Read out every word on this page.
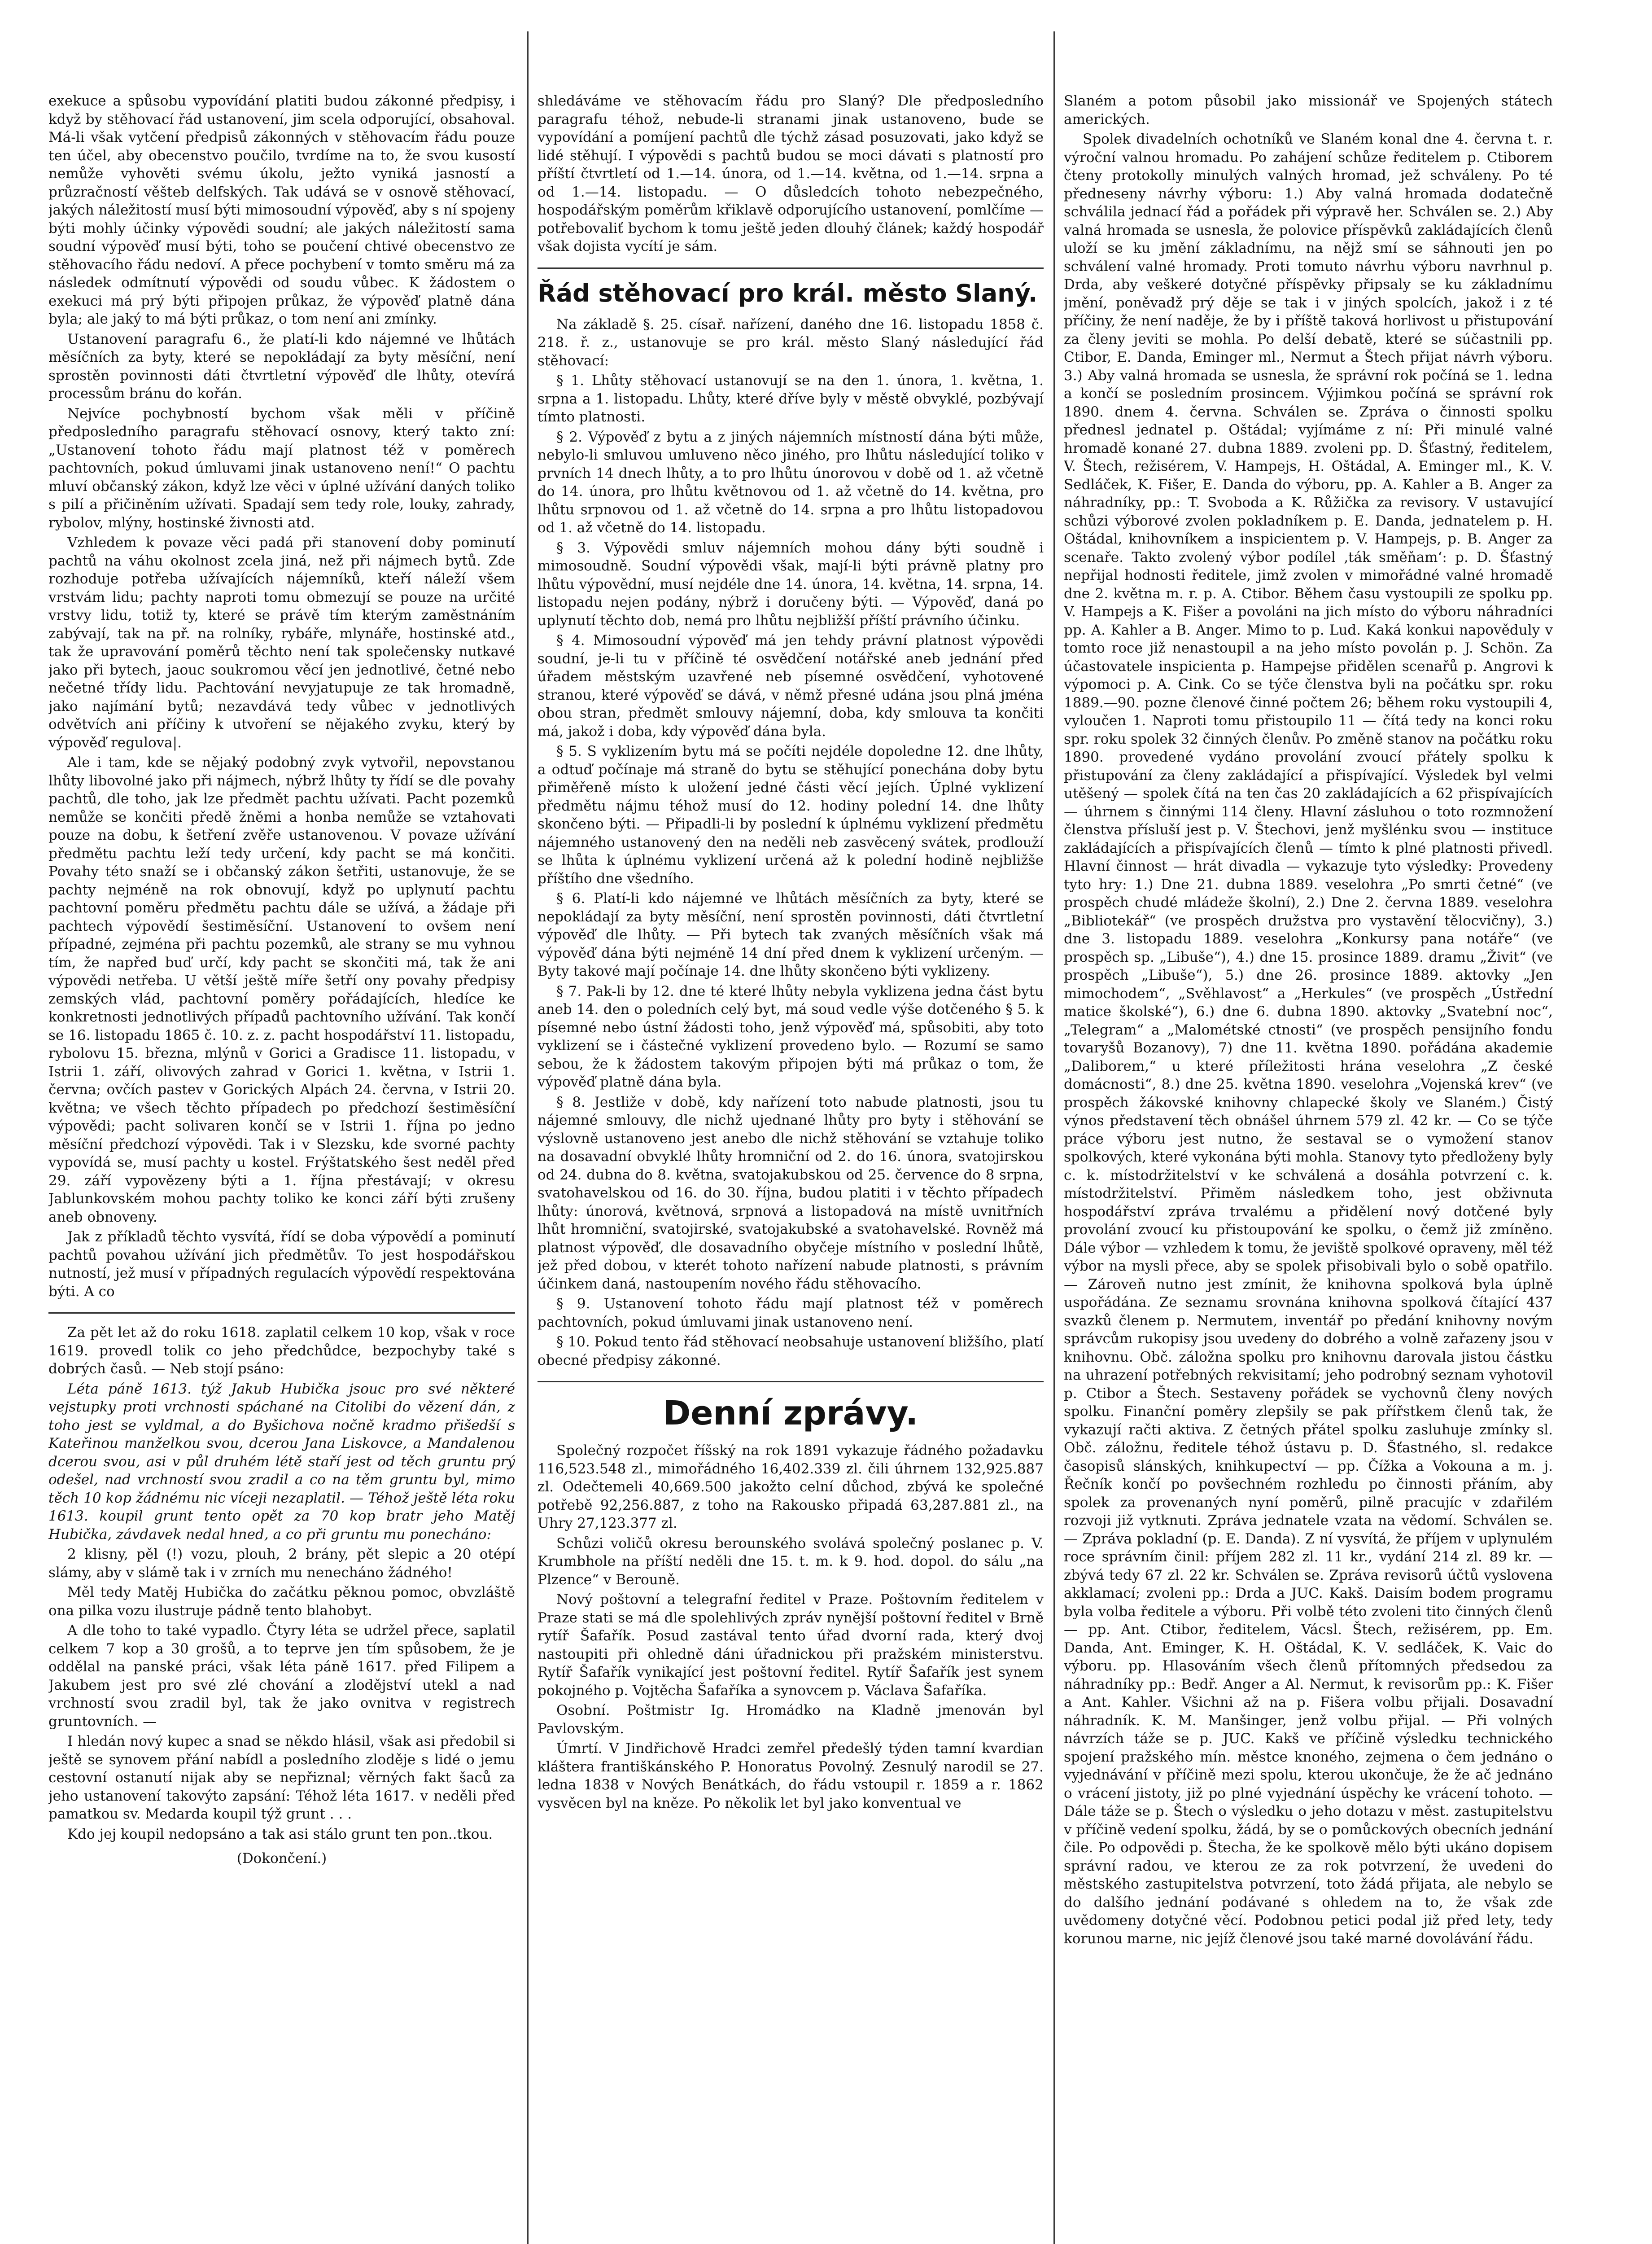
exekuce a spůsobu vypovídání platiti budou zákonné předpisy, i když by stěhovací řád ustanovení, jim scela odporující, obsahoval. Má-li však vytčení předpisů zákonných v stěhovacím řádu pouze ten účel, aby obecenstvo poučilo, tvrdíme na to, že svou kusostí nemůže vyhověti svému úkolu, ježto vyniká jasností a průzračností věšteb delfských. Tak udává se v osnově stěhovací, jakých náležitostí musí býti mimosoudní výpověď, aby s ní spojeny býti mohly účinky výpovědi soudní; ale jakých náležitostí sama soudní výpověď musí býti, toho se poučení chtivé obecenstvo ze stěhovacího řádu nedoví. A přece pochybení v tomto směru má za následek odmítnutí výpovědi od soudu vůbec. K žádostem o exekuci má prý býti připojen průkaz, že výpověď platně dána byla; ale jaký to má býti průkaz, o tom není ani zmínky.

Ustanovení paragrafu 6., že platí-li kdo nájemné ve lhůtách měsíčních za byty, které se nepokládají za byty měsíční, není sprostěn povinnosti dáti čtvrtletní výpověď dle lhůty, otevírá processům bránu do kořán.

Nejvíce pochybností bychom však měli v příčině předposledního paragrafu stěhovací osnovy, který takto zní: „Ustanovení tohoto řádu mají platnost též v poměrech pachtovních, pokud úmluvami jinak ustanoveno není!“ O pachtu mluví občanský zákon, když lze věci v úplné užívání daných toliko s pilí a přičiněním užívati. Spadají sem tedy role, louky, zahrady, rybolov, mlýny, hostinské živnosti atd.

Vzhledem k povaze věci padá při stanovení doby pominutí pachtů na váhu okolnost zcela jiná, než při nájmech bytů. Zde rozhoduje potřeba užívajících nájemníků, kteří náleží všem vrstvám lidu; pachty naproti tomu obmezují se pouze na určité vrstvy lidu, totiž ty, které se právě tím kterým zaměstnáním zabývají, tak na př. na rolníky, rybáře, mlynáře, hostinské atd., tak že upravování poměrů těchto není tak společensky nutkavé jako při bytech, jaouc soukromou věcí jen jednotlivé, četné nebo nečetné třídy lidu. Pachtování nevyjatupuje ze tak hromadně, jako najímání bytů; nezavdává tedy vůbec v jednotlivých odvětvích ani příčiny k utvoření se nějakého zvyku, který by výpověď regulova|.

Ale i tam, kde se nějaký podobný zvyk vytvořil, nepovstanou lhůty libovolné jako při nájmech, nýbrž lhůty ty řídí se dle povahy pachtů, dle toho, jak lze předmět pachtu užívati. Pacht pozemků nemůže se končiti předě žněmi a honba nemůže se vztahovati pouze na dobu, k šetření zvěře ustanovenou. V povaze užívání předmětu pachtu leží tedy určení, kdy pacht se má končiti. Povahy této snaží se i občanský zákon šetřiti, ustanovuje, že se pachty nejméně na rok obnovují, když po uplynutí pachtu pachtovní poměru předmětu pachtu dále se užívá, a žádaje při pachtech výpovědí šestiměsíční. Ustanovení to ovšem není případné, zejména při pachtu pozemků, ale strany se mu vyhnou tím, že napřed buď určí, kdy pacht se skončiti má, tak že ani výpovědi netřeba. U větší ještě míře šetří ony povahy předpisy zemských vlád, pachtovní poměry pořádajících, hledíce ke konkretnosti jednotlivých případů pachtovního užívání. Tak končí se 16. listopadu 1865 č. 10. z. z. pacht hospodářství 11. listopadu, rybolovu 15. března, mlýnů v Gorici a Gradisce 11. listopadu, v Istrii 1. září, olivových zahrad v Gorici 1. května, v Istrii 1. června; ovčích pastev v Gorických Alpách 24. června, v Istrii 20. května; ve všech těchto případech po předchozí šestiměsíční výpovědi; pacht solivaren končí se v Istrii 1. října po jedno měsíční předchozí výpovědi. Tak i v Slezsku, kde svorné pachty vypovídá se, musí pachty u kostel. Frýštatského šest neděl před 29. září vypovězeny býti a 1. října přestávají; v okresu Jablunkovském mohou pachty toliko ke konci září býti zrušeny aneb obnoveny.

Jak z příkladů těchto vysvítá, řídí se doba výpovědí a pominutí pachtů povahou užívání jich předmětův. To jest hospodářskou nutností, jež musí v případných regulacích výpovědí respektována býti. A co

Za pět let až do roku 1618. zaplatil celkem 10 kop, však v roce 1619. provedl tolik co jeho předchůdce, bezpochyby také s dobrých časů. — Neb stojí psáno:

Léta páně 1613. týž Jakub Hubička jsouc pro své některé vejstupky proti vrchnosti spáchané na Citolibi do vězení dán, z toho jest se vyldmal, a do Byšichova nočně kradmo přišedší s Kateřinou manželkou svou, dcerou Jana Liskovce, a Mandalenou dcerou svou, asi v půl druhém létě staří jest od těch gruntu prý odešel, nad vrchností svou zradil a co na těm gruntu byl, mimo těch 10 kop žádnému nic víceji nezaplatil. — Téhož ještě léta roku 1613. koupil grunt tento opět za 70 kop bratr jeho Matěj Hubička, závdavek nedal hned, a co při gruntu mu ponecháno:

2 klisny, pěl (!) vozu, plouh, 2 brány, pět slepic a 20 otépí slámy, aby v slámě tak i v zrních mu nenecháno žádného!

Měl tedy Matěj Hubička do začátku pěknou pomoc, obvzláště ona pilka vozu ilustruje pádně tento blahobyt.

A dle toho to také vypadlo. Čtyry léta se udržel přece, saplatil celkem 7 kop a 30 grošů, a to teprve jen tím spůsobem, že je oddělal na panské práci, však léta páně 1617. před Filipem a Jakubem jest pro své zlé chování a zlodějství utekl a nad vrchností svou zradil byl, tak že jako ovnitva v registrech gruntovních. —

I hledán nový kupec a snad se někdo hlásil, však asi předobil si ještě se synovem přání nabídl a posledního zloděje s lidé o jemu cestovní ostanutí nijak aby se nepřiznal; věrných fakt šaců za jeho ustanovení takovýto zapsání: Téhož léta 1617. v neděli před pamatkou sv. Medarda koupil týž grunt . . .

Kdo jej koupil nedopsáno a tak asi stálo grunt ten pon..tkou.

(Dokončení.)

shledáváme ve stěhovacím řádu pro Slaný? Dle předposledního paragrafu téhož, nebude-li stranami jinak ustanoveno, bude se vypovídání a pomíjení pachtů dle týchž zásad posuzovati, jako když se lidé stěhují. I výpovědi s pachtů budou se moci dávati s platností pro příští čtvrtletí od 1.—14. února, od 1.—14. května, od 1.—14. srpna a od 1.—14. listopadu. — O důsledcích tohoto nebezpečného, hospodářským poměrům křiklavě odporujícího ustanovení, pomlčíme — potřebovaliť bychom k tomu ještě jeden dlouhý článek; každý hospodář však dojista vycítí je sám.

Řád stěhovací pro král. město Slaný.

Na základě §. 25. císař. nařízení, daného dne 16. listopadu 1858 č. 218. ř. z., ustanovuje se pro král. město Slaný následující řád stěhovací:

§ 1. Lhůty stěhovací ustanovují se na den 1. února, 1. května, 1. srpna a 1. listopadu. Lhůty, které dříve byly v městě obvyklé, pozbývají tímto platnosti.

§ 2. Výpověď z bytu a z jiných nájemních místností dána býti může, nebylo-li smluvou umluveno něco jiného, pro lhůtu následující toliko v prvních 14 dnech lhůty, a to pro lhůtu únorovou v době od 1. až včetně do 14. února, pro lhůtu květnovou od 1. až včetně do 14. května, pro lhůtu srpnovou od 1. až včetně do 14. srpna a pro lhůtu listopadovou od 1. až včetně do 14. listopadu.

§ 3. Výpovědi smluv nájemních mohou dány býti soudně i mimosoudně. Soudní výpovědi však, mají-li býti právně platny pro lhůtu výpovědní, musí nejdéle dne 14. února, 14. května, 14. srpna, 14. listopadu nejen podány, nýbrž i doručeny býti. — Výpověď, daná po uplynutí těchto dob, nemá pro lhůtu nejbližší příští právního účinku.

§ 4. Mimosoudní výpověď má jen tehdy právní platnost výpovědi soudní, je-li tu v příčině té osvědčení notářské aneb jednání před úřadem městským uzavřené neb písemné osvědčení, vyhotovené stranou, které výpověď se dává, v němž přesné udána jsou plná jména obou stran, předmět smlouvy nájemní, doba, kdy smlouva ta končiti má, jakož i doba, kdy výpověď dána byla.

§ 5. S vyklizením bytu má se počíti nejdéle dopoledne 12. dne lhůty, a odtuď počínaje má straně do bytu se stěhující ponechána doby bytu přiměřeně místo k uložení jedné části věcí jejích. Úplné vyklizení předmětu nájmu téhož musí do 12. hodiny polední 14. dne lhůty skončeno býti. — Připadli-li by poslední k úplnému vyklizení předmětu nájemného ustanovený den na neděli neb zasvěcený svátek, prodlouží se lhůta k úplnému vyklizení určená až k polední hodině nejbližše příštího dne všedního.

§ 6. Platí-li kdo nájemné ve lhůtách měsíčních za byty, které se nepokládají za byty měsíční, není sprostěn povinnosti, dáti čtvrtletní výpověď dle lhůty. — Při bytech tak zvaných měsíčních však má výpověď dána býti nejméně 14 dní před dnem k vyklizení určeným. — Byty takové mají počínaje 14. dne lhůty skončeno býti vyklizeny.

§ 7. Pak-li by 12. dne té které lhůty nebyla vyklizena jedna část bytu aneb 14. den o poledních celý byt, má soud vedle výše dotčeného § 5. k písemné nebo ústní žádosti toho, jenž výpověď má, spůsobiti, aby toto vyklizení se i částečné vyklizení provedeno bylo. — Rozumí se samo sebou, že k žádostem takovým připojen býti má průkaz o tom, že výpověď platně dána byla.

§ 8. Jestliže v době, kdy nařízení toto nabude platnosti, jsou tu nájemné smlouvy, dle nichž ujednané lhůty pro byty i stěhování se výslovně ustanoveno jest anebo dle nichž stěhování se vztahuje toliko na dosavadní obvyklé lhůty hromniční od 2. do 16. února, svatojirskou od 24. dubna do 8. května, svatojakubskou od 25. července do 8 srpna, svatohavelskou od 16. do 30. října, budou platiti i v těchto případech lhůty: únorová, květnová, srpnová a listopadová na místě uvnitřních lhůt hromniční, svatojirské, svatojakubské a svatohavelské. Rovněž má platnost výpověď, dle dosavadního obyčeje místního v poslední lhůtě, jež před dobou, v kterét tohoto nařízení nabude platnosti, s právním účinkem daná, nastoupením nového řádu stěhovacího.

§ 9. Ustanovení tohoto řádu mají platnost též v poměrech pachtovních, pokud úmluvami jinak ustanoveno není.

§ 10. Pokud tento řád stěhovací neobsahuje ustanovení bližšího, platí obecné předpisy zákonné.

Denní zprávy.

Společný rozpočet říšský na rok 1891 vykazuje řádného požadavku 116,523.548 zl., mimořádného 16,402.339 zl. čili úhrnem 132,925.887 zl. Odečtemeli 40,669.500 jakožto celní důchod, zbývá ke společné potřebě 92,256.887, z toho na Rakousko připadá 63,287.881 zl., na Uhry 27,123.377 zl.

Schůzi voličů okresu berounského svolává společný poslanec p. V. Krumbhole na příští neděli dne 15. t. m. k 9. hod. dopol. do sálu „na Plzence“ v Berouně.

Nový poštovní a telegrafní ředitel v Praze. Poštovním ředitelem v Praze stati se má dle spolehlivých zpráv nynější poštovní ředitel v Brně rytíř Šafařík. Posud zastával tento úřad dvorní rada, který dvoj nastoupiti při ohledně dáni úřadnickou při pražském ministerstvu. Rytíř Šafařík vynikající jest poštovní ředitel. Rytíř Šafařík jest synem pokojného p. Vojtěcha Šafaříka a synovcem p. Václava Šafaříka.

Osobní. Poštmistr Ig. Hromádko na Kladně jmenován byl Pavlovským.

Úmrtí. V Jindřichově Hradci zemřel předešlý týden tamní kvardian kláštera františkánského P. Honoratus Povolný. Zesnulý narodil se 27. ledna 1838 v Nových Benátkách, do řádu vstoupil r. 1859 a r. 1862 vysvěcen byl na kněze. Po několik let byl jako konventual ve

Slaném a potom působil jako missionář ve Spojených státech amerických.

Spolek divadelních ochotníků ve Slaném konal dne 4. června t. r. výroční valnou hromadu. Po zahájení schůze ředitelem p. Ctiborem čteny protokolly minulých valných hromad, jež schváleny. Po té předneseny návrhy výboru: 1.) Aby valná hromada dodatečně schválila jednací řád a pořádek při výpravě her. Schválen se. 2.) Aby valná hromada se usnesla, že polovice příspěvků zakládajících členů uloží se ku jmění základnímu, na nějž smí se sáhnouti jen po schválení valné hromady. Proti tomuto návrhu výboru navrhnul p. Drda, aby veškeré dotyčné příspěvky připsaly se ku základnímu jmění, poněvadž prý děje se tak i v jiných spolcích, jakož i z té příčiny, že není naděje, že by i příště taková horlivost u přistupování za členy jeviti se mohla. Po delší debatě, které se súčastnili pp. Ctibor, E. Danda, Eminger ml., Nermut a Štech přijat návrh výboru. 3.) Aby valná hromada se usnesla, že správní rok počíná se 1. ledna a končí se posledním prosincem. Výjimkou počíná se správní rok 1890. dnem 4. června. Schválen se. Zpráva o činnosti spolku přednesl jednatel p. Oštádal; vyjímáme z ní: Při minulé valné hromadě konané 27. dubna 1889. zvoleni pp. D. Šťastný, ředitelem, V. Štech, režisérem, V. Hampejs, H. Oštádal, A. Eminger ml., K. V. Sedláček, K. Fišer, E. Danda do výboru, pp. A. Kahler a B. Anger za náhradníky, pp.: T. Svoboda a K. Růžička za revisory. V ustavující schůzi výborové zvolen pokladníkem p. E. Danda, jednatelem p. H. Oštádal, knihovníkem a inspicientem p. V. Hampejs, p. B. Anger za scenaře. Takto zvolený výbor podíle‌l ‚ták směňam‘: p. D. Šťastný nepřijal hodnosti ředitele, jimž zvolen v mimořádné valné hromadě dne 2. května m. r. p. A. Ctibor. Během času vystoupili ze spolku pp. V. Hampejs a K. Fišer a povoláni na jich místo do výboru náhradníci pp. A. Kahler a B. Anger. Mimo to p. Lud. Kaká konkui napověduly v tomto roce již nenastoupil a na jeho místo povolán p. J. Schön. Za účastovatele inspicienta p. Hampejse přidělen scenařů p. Angrovi k výpomoci p. A. Cink. Co se týče členstva byli na počátku spr. roku 1889.—90. pozne členové činné počtem 26; během roku vystoupili 4, vyloučen 1. Naproti tomu přistoupilo 11 — čítá tedy na konci roku spr. roku spolek 32 činných členův. Po změně stanov na počátku roku 1890. provedené vydáno provolání zvoucí přátely spolku k přistupování za členy zakládající a přispívající. Výsledek byl velmi utěšený — spolek čítá na ten čas 20 zakládajících a 62 přispívajících — úhrnem s činnými 114 členy. Hlavní zásluhou o toto rozmnožení členstva přísluší jest p. V. Štechovi, jenž myšlénku svou — instituce zakládajících a přispívajících členů — tímto k plné platnosti přivedl. Hlavní činnost — hrát divadla — vykazuje tyto výsledky: Provedeny tyto hry: 1.) Dne 21. dubna 1889. veselohra „Po smrti četné“ (ve prospěch chudé mládeže školní), 2.) Dne 2. června 1889. veselohra „Bibliotekář“ (ve prospěch družstva pro vystavění tělocvičny), 3.) dne 3. listopadu 1889. veselohra „Konkursy pana notáře“ (ve prospěch sp. „Libuše“), 4.) dne 15. prosince 1889. dramu „Živit“ (ve prospěch „Libuše“), 5.) dne 26. prosince 1889. aktovky „Jen mimochodem“, „Svěhlavost“ a „Herkules“ (ve prospěch „Ústřední matice školské“), 6.) dne 6. dubna 1890. aktovky „Svatební noc“, „Telegram“ a „Malométské ctnosti“ (ve prospěch pensijního fondu tovaryšů Bozanovy), 7) dne 11. května 1890. pořádána akademie „Daliborem,“ u které příležitosti hrána veselohra „Z české domácnosti“, 8.) dne 25. května 1890. veselohra „Vojenská krev“ (ve prospěch žákovské knihovny chlapecké školy ve Slaném.) Čistý výnos představení těch obnášel úhrnem 579 zl. 42 kr. — Co se týče práce výboru jest nutno, že sestaval se o vymožení stanov spolkových, které vykonána býti mohla. Stanovy tyto předloženy byly c. k. místodržitelství v ke schválená a dosáhla potvrzení c. k. místodržitelství. Přiměm následkem toho, jest obživnuta hospodářství zpráva trvalému a přidělení nový dotčené byly provolání zvoucí ku přistoupování ke spolku, o čemž již zmíněno. Dále výbor — vzhledem k tomu, že jeviště spolkové opraveny, měl též výbor na mysli přece, aby se spolek přisobivali bylo o sobě opatřilo. — Zároveň nutno jest zmínit, že knihovna spolková byla úplně uspořádána. Ze seznamu srovnána knihovna spolková čítající 437 svazků členem p. Nermutem, inventář po předání knihovny novým správcům rukopisy jsou uvedeny do dobrého a volně zařazeny jsou v knihovnu. Obč. záložna spolku pro knihovnu darovala jistou částku na uhrazení potřebných rekvisitamí; jeho podrobný seznam vyhotovil p. Ctibor a Štech. Sestaveny pořádek se vychovnů členy nových spolku. Finanční poměry zlepšily se pak přířstkem členů tak, že vykazují račti aktiva. Z četných přátel spolku zasluhuje zmínky sl. Obč. záložnu, ředitele téhož ústavu p. D. Šťastného, sl. redakce časopisů slánských, knihkupectví — pp. Čížka a Vokouna a m. j. Řečník končí po povšechném rozhledu po činnosti přáním, aby spolek za provenaných nyní poměrů, pilně pracujíc v zdařilém rozvoji již vytknuti. Zpráva jednatele vzata na vědomí. Schválen se. — Zpráva pokladní (p. E. Danda). Z ní vysvítá, že příjem v uplynulém roce správním činil: příjem 282 zl. 11 kr., vydání 214 zl. 89 kr. — zbývá tedy 67 zl. 22 kr. Schválen se. Zpráva revisorů účtů vyslovena akklamací; zvoleni pp.: Drda a JUC. Kakš. Daisím bodem programu byla volba ředitele a výboru. Při volbě této zvoleni tito činných členů — pp. Ant. Ctibor, ředitelem, Vácsl. Štech, režisérem, pp. Em. Danda, Ant. Eminger, K. H. Oštádal, K. V. sedláček, K. Vaic do výboru. pp. Hlasováním všech členů přítomných předsedou za náhradníky pp.: Bedř. Anger a Al. Nermut, k revisorům pp.: K. Fišer a Ant. Kahler. Všichni až na p. Fišera volbu přijali. Dosavadní náhradník. K. M. Manšinger, jenž volbu přijal. — Při volných návrzích táže se p. JUC. Kakš ve příčině výsledku technického spojení pražského mín. městce knoného, zejmena o čem jednáno o vyjednávání v příčině mezi spolu, kterou ukončuje, že že ač jednáno o vrácení jistoty, již po plné vyjednání úspěchy ke vrácení tohoto. — Dále táže se p. Štech o výsledku o jeho dotazu v měst. zastupitelstvu v příčině vedení spolku, žádá, by se o pomůckových obecních jednání čile. Po odpovědi p. Štecha, že ke spolkově mělo býti ukáno dopisem správní radou, ve kterou ze za rok potvrzení, že uvedeni do městského zastupitelstva potvrzení, toto žádá přijata, ale nebylo se do dalšího jednání podávané s ohledem na to, že však zde uvědomeny dotyčné věcí. Podobnou petici podal již před lety, tedy korunou marne, nic jejíž členové jsou také marné dovolávání řádu.
